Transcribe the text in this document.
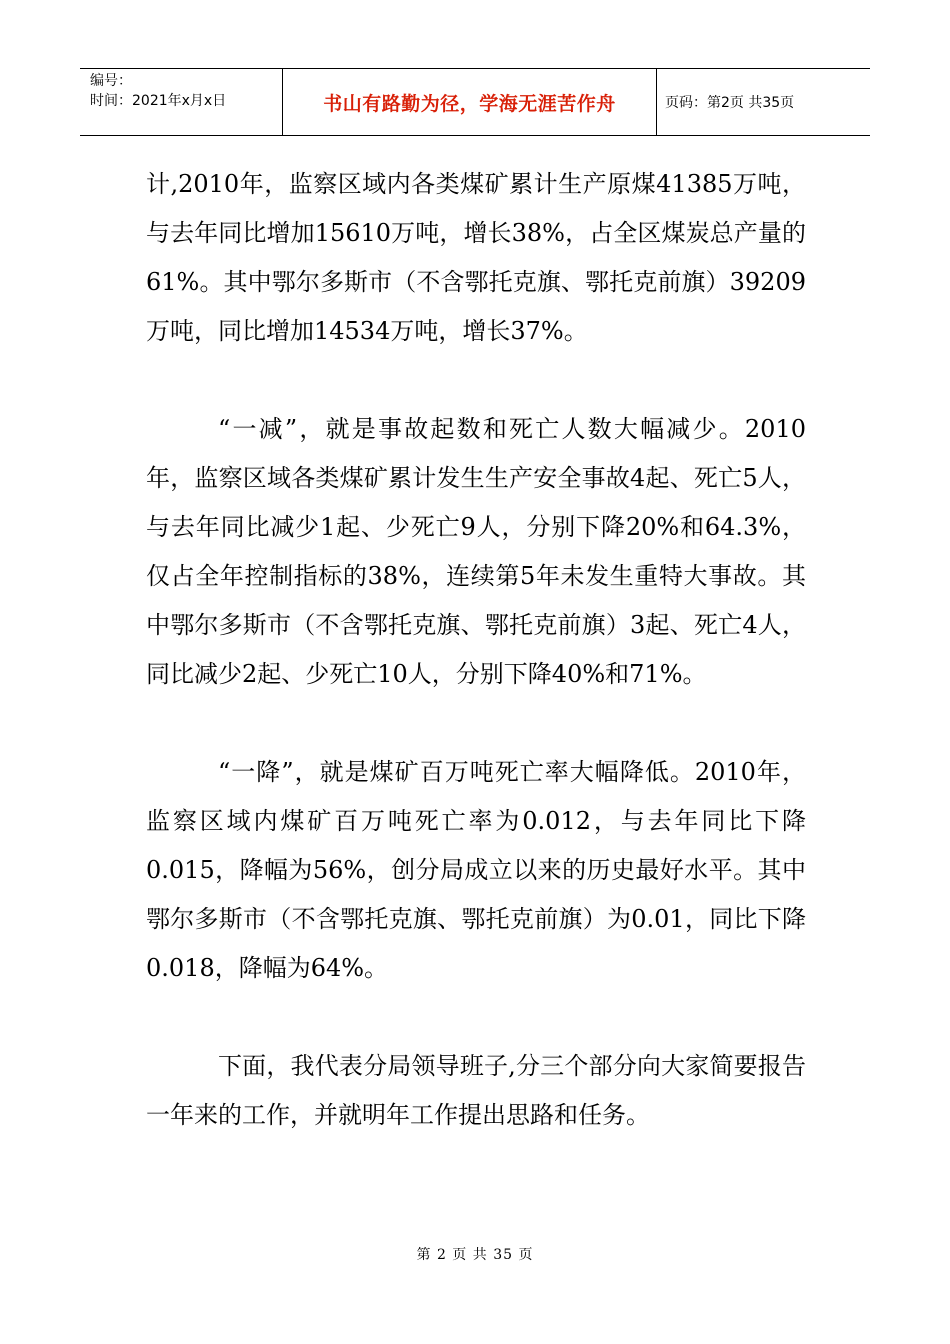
编号：
时间：2021年x月x日	书山有路勤为径，学海无涯苦作舟	页码：第2页 共35页

计,2010年，监察区域内各类煤矿累计生产原煤41385万吨，与去年同比增加15610万吨，增长38%，占全区煤炭总产量的61%。其中鄂尔多斯市（不含鄂托克旗、鄂托克前旗）39209万吨，同比增加14534万吨，增长37%。

“一减”，就是事故起数和死亡人数大幅减少。2010年，监察区域各类煤矿累计发生生产安全事故4起、死亡5人，与去年同比减少1起、少死亡9人，分别下降20%和64.3%，仅占全年控制指标的38%，连续第5年未发生重特大事故。其中鄂尔多斯市（不含鄂托克旗、鄂托克前旗）3起、死亡4人，同比减少2起、少死亡10人，分别下降40%和71%。

“一降”，就是煤矿百万吨死亡率大幅降低。2010年，监察区域内煤矿百万吨死亡率为0.012，与去年同比下降0.015，降幅为56%，创分局成立以来的历史最好水平。其中鄂尔多斯市（不含鄂托克旗、鄂托克前旗）为0.01，同比下降0.018，降幅为64%。

下面，我代表分局领导班子,分三个部分向大家简要报告一年来的工作，并就明年工作提出思路和任务。

第 2 页 共 35 页
